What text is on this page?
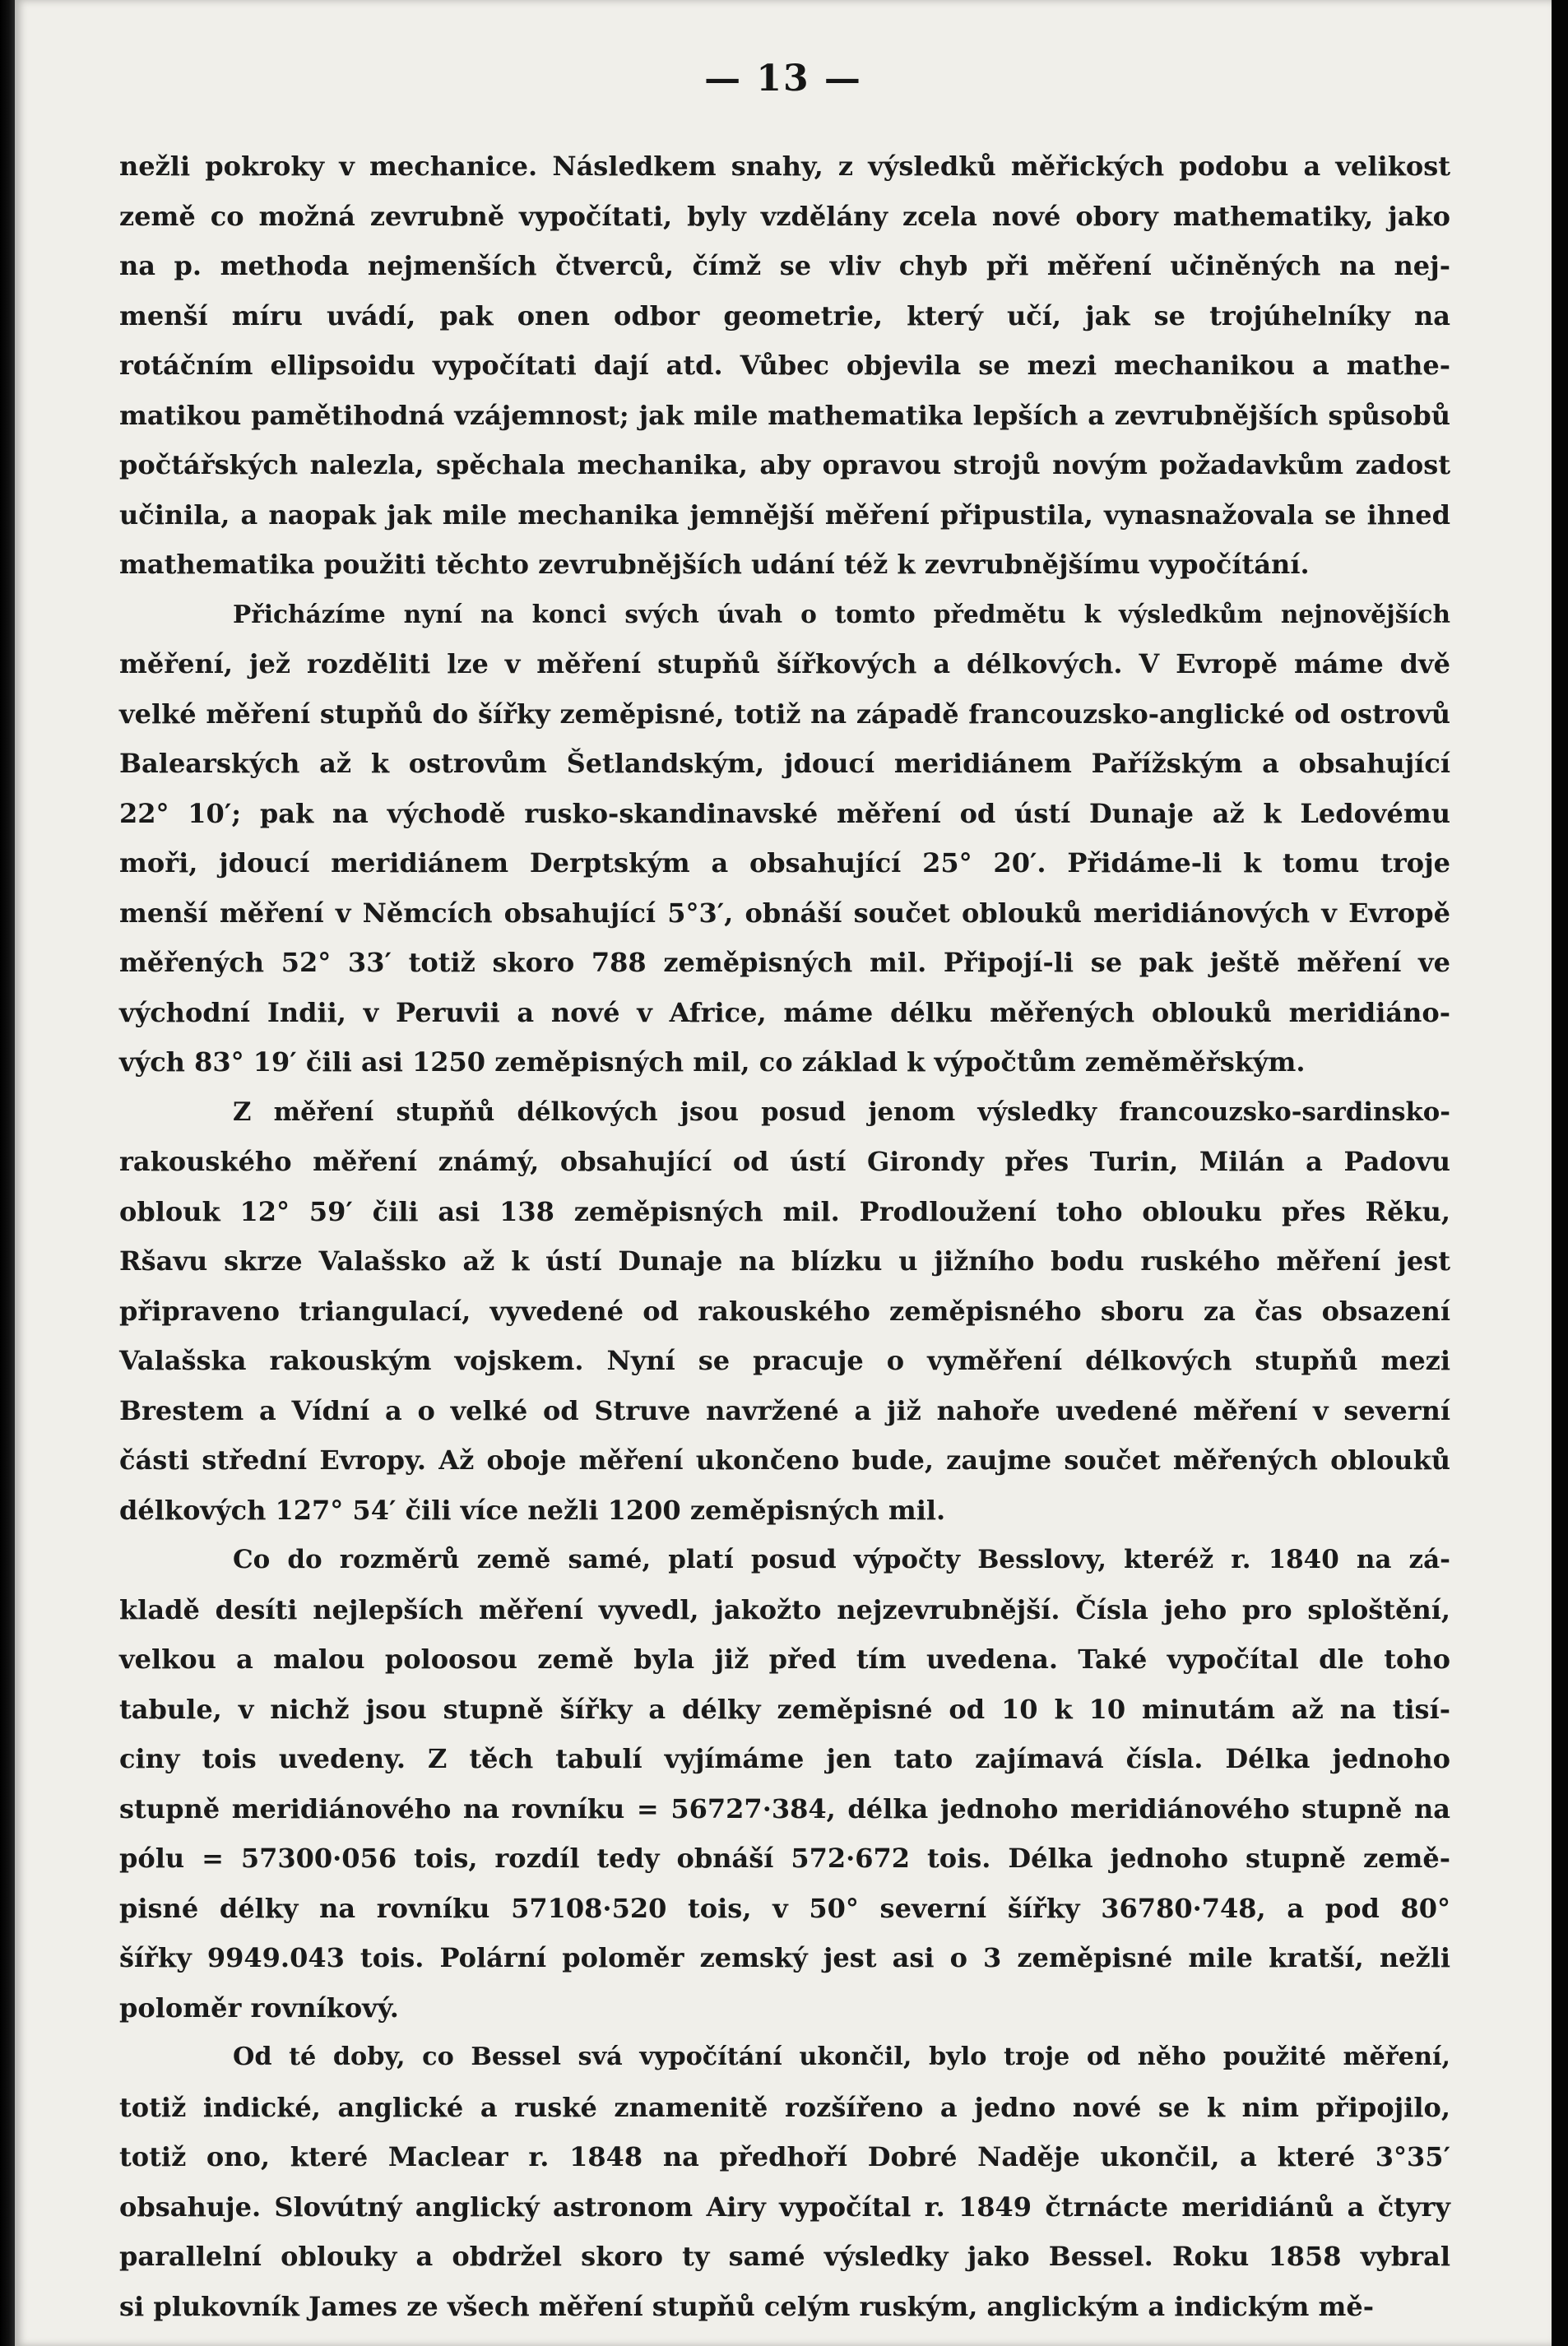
— 13 —
nežli pokroky v mechanice. Následkem snahy, z výsledků měřických podobu a velikost
země co možná zevrubně vypočítati, byly vzdělány zcela nové obory mathematiky, jako
na p. methoda nejmenších čtverců, čímž se vliv chyb při měření učiněných na nej-
menší míru uvádí, pak onen odbor geometrie, který učí, jak se trojúhelníky na
rotáčním ellipsoidu vypočítati dají atd. Vůbec objevila se mezi mechanikou a mathe-
matikou pamětihodná vzájemnost; jak mile mathematika lepších a zevrubnějších spůsobů
počtářských nalezla, spěchala mechanika, aby opravou strojů novým požadavkům zadost
učinila, a naopak jak mile mechanika jemnější měření připustila, vynasnažovala se ihned
mathematika použiti těchto zevrubnějších udání též k zevrubnějšímu vypočítání.
Přicházíme nyní na konci svých úvah o tomto předmětu k výsledkům nejnovějších
měření, jež rozděliti lze v měření stupňů šířkových a délkových. V Evropě máme dvě
velké měření stupňů do šířky zeměpisné, totiž na západě francouzsko-anglické od ostrovů
Balearských až k ostrovům Šetlandským, jdoucí meridiánem Pařížským a obsahující
22° 10′; pak na východě rusko-skandinavské měření od ústí Dunaje až k Ledovému
moři, jdoucí meridiánem Derptským a obsahující 25° 20′. Přidáme-li k tomu troje
menší měření v Němcích obsahující 5°3′, obnáší součet oblouků meridiánových v Evropě
měřených 52° 33′ totiž skoro 788 zeměpisných mil. Připojí-li se pak ještě měření ve
východní Indii, v Peruvii a nové v Africe, máme délku měřených oblouků meridiáno-
vých 83° 19′ čili asi 1250 zeměpisných mil, co základ k výpočtům zeměměřským.
Z měření stupňů délkových jsou posud jenom výsledky francouzsko-sardinsko-
rakouského měření známý, obsahující od ústí Girondy přes Turin, Milán a Padovu
oblouk 12° 59′ čili asi 138 zeměpisných mil. Prodloužení toho oblouku přes Rěku,
Ršavu skrze Valašsko až k ústí Dunaje na blízku u jižního bodu ruského měření jest
připraveno triangulací, vyvedené od rakouského zeměpisného sboru za čas obsazení
Valašska rakouským vojskem. Nyní se pracuje o vyměření délkových stupňů mezi
Brestem a Vídní a o velké od Struve navržené a již nahoře uvedené měření v severní
části střední Evropy. Až oboje měření ukončeno bude, zaujme součet měřených oblouků
délkových 127° 54′ čili více nežli 1200 zeměpisných mil.
Co do rozměrů země samé, platí posud výpočty Besslovy, kteréž r. 1840 na zá-
kladě desíti nejlepších měření vyvedl, jakožto nejzevrubnější. Čísla jeho pro sploštění,
velkou a malou poloosou země byla již před tím uvedena. Také vypočítal dle toho
tabule, v nichž jsou stupně šířky a délky zeměpisné od 10 k 10 minutám až na tisí-
ciny tois uvedeny. Z těch tabulí vyjímáme jen tato zajímavá čísla. Délka jednoho
stupně meridiánového na rovníku = 56727·384, délka jednoho meridiánového stupně na
pólu = 57300·056 tois, rozdíl tedy obnáší 572·672 tois. Délka jednoho stupně země-
pisné délky na rovníku 57108·520 tois, v 50° severní šířky 36780·748, a pod 80°
šířky 9949.043 tois. Polární poloměr zemský jest asi o 3 zeměpisné mile kratší, nežli
poloměr rovníkový.
Od té doby, co Bessel svá vypočítání ukončil, bylo troje od něho použité měření,
totiž indické, anglické a ruské znamenitě rozšířeno a jedno nové se k nim připojilo,
totiž ono, které Maclear r. 1848 na předhoří Dobré Naděje ukončil, a které 3°35′
obsahuje. Slovútný anglický astronom Airy vypočítal r. 1849 čtrnácte meridiánů a čtyry
parallelní oblouky a obdržel skoro ty samé výsledky jako Bessel. Roku 1858 vybral
si plukovník James ze všech měření stupňů celým ruským, anglickým a indickým mě-
